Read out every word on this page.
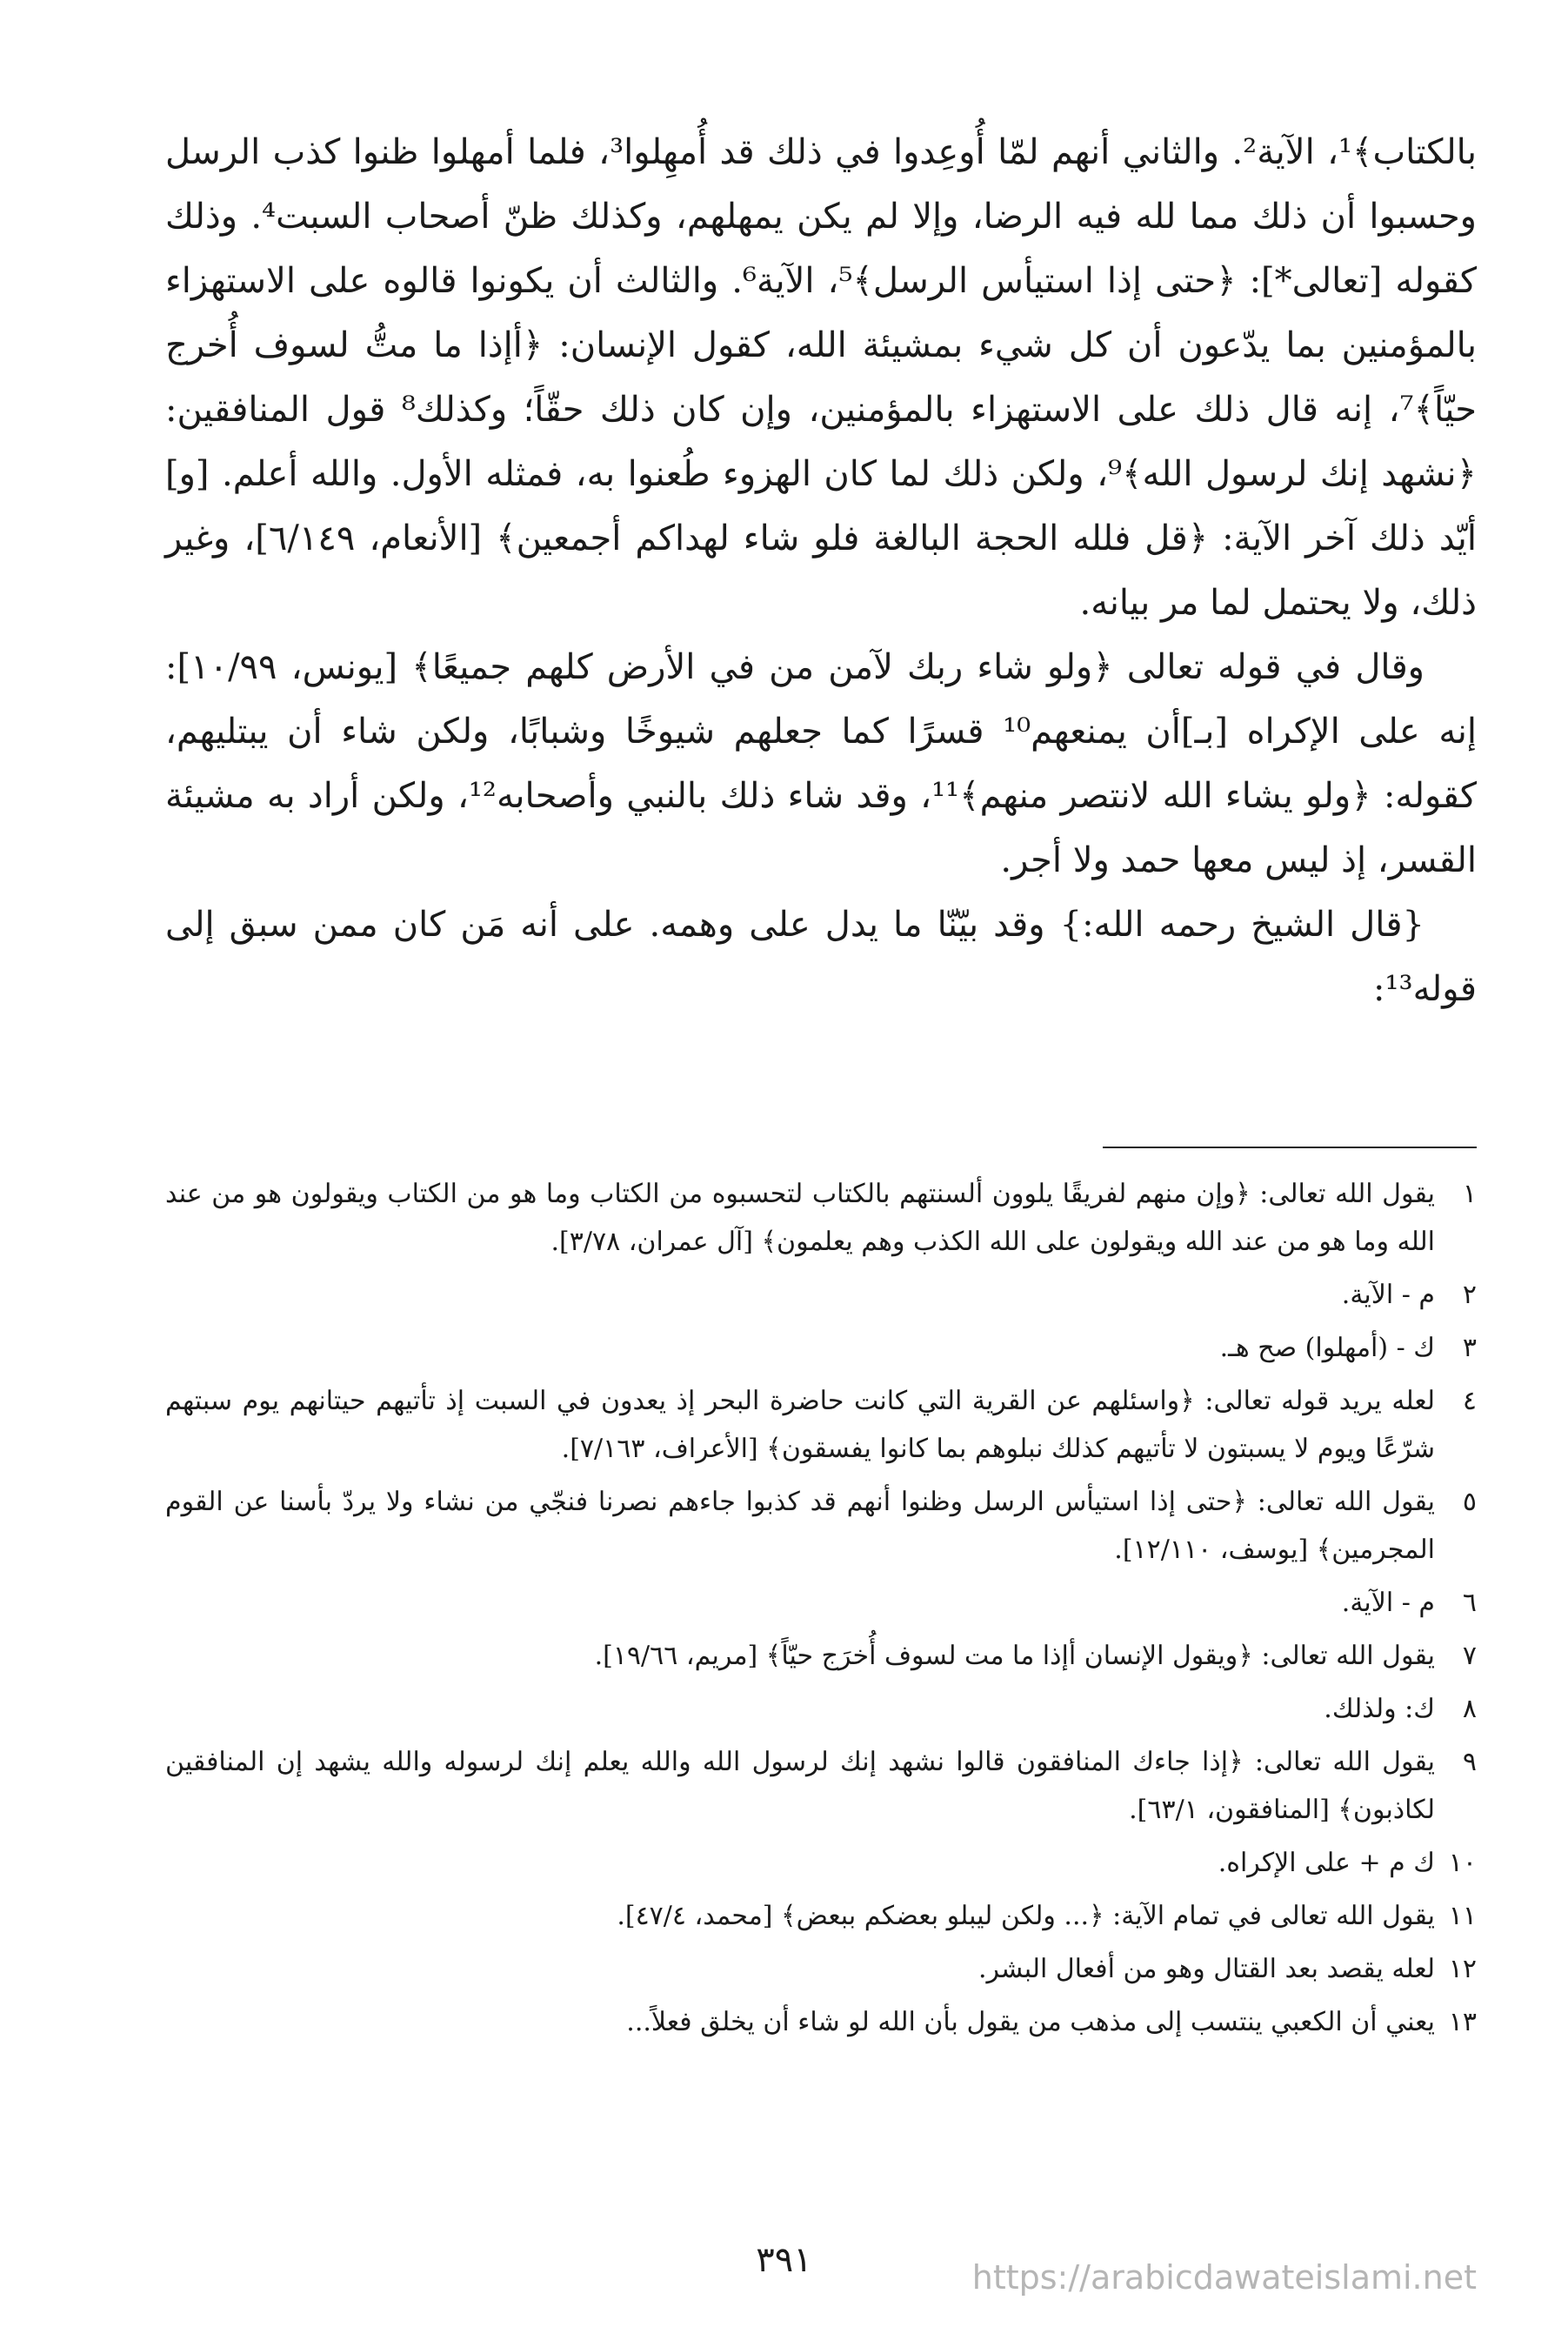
بالكتاب﴾¹، الآية². والثاني أنهم لمّا أُوعِدوا في ذلك قد أُمهِلوا³، فلما أمهلوا ظنوا كذب الرسل وحسبوا أن ذلك مما لله فيه الرضا، وإلا لم يكن يمهلهم، وكذلك ظنّ أصحاب السبت⁴. وذلك كقوله [تعالى*]: ﴿حتى إذا استيأس الرسل﴾⁵، الآية⁶. والثالث أن يكونوا قالوه على الاستهزاء بالمؤمنين بما يدّعون أن كل شيء بمشيئة الله، كقول الإنسان: ﴿أإذا ما متُّ لسوف أُخرج حيّاً﴾⁷، إنه قال ذلك على الاستهزاء بالمؤمنين، وإن كان ذلك حقّاً؛ وكذلك⁸ قول المنافقين: ﴿نشهد إنك لرسول الله﴾⁹، ولكن ذلك لما كان الهزوء طُعنوا به، فمثله الأول. والله أعلم. [و] أيّد ذلك آخر الآية: ﴿قل فلله الحجة البالغة فلو شاء لهداكم أجمعين﴾ [الأنعام، ٦/١٤٩]، وغير ذلك، ولا يحتمل لما مر بيانه.

وقال في قوله تعالى ﴿ولو شاء ربك لآمن من في الأرض كلهم جميعًا﴾ [يونس، ١٠/٩٩]: إنه على الإكراه [بـ]أن يمنعهم¹⁰ قسرًا كما جعلهم شيوخًا وشبابًا، ولكن شاء أن يبتليهم، كقوله: ﴿ولو يشاء الله لانتصر منهم﴾¹¹، وقد شاء ذلك بالنبي وأصحابه¹²، ولكن أراد به مشيئة القسر، إذ ليس معها حمد ولا أجر.

{قال الشيخ رحمه الله:} وقد بيّنّا ما يدل على وهمه. على أنه مَن كان ممن سبق إلى قوله¹³:

١
يقول الله تعالى: ﴿وإن منهم لفريقًا يلوون ألسنتهم بالكتاب لتحسبوه من الكتاب وما هو من الكتاب ويقولون هو من عند الله وما هو من عند الله ويقولون على الله الكذب وهم يعلمون﴾ [آل عمران، ٣/٧٨].
٢
م - الآية.
٣
ك - (أمهلوا) صح هـ.
٤
لعله يريد قوله تعالى: ﴿واسئلهم عن القرية التي كانت حاضرة البحر إذ يعدون في السبت إذ تأتيهم حيتانهم يوم سبتهم شرّعًا ويوم لا يسبتون لا تأتيهم كذلك نبلوهم بما كانوا يفسقون﴾ [الأعراف، ٧/١٦٣].
٥
يقول الله تعالى: ﴿حتى إذا استيأس الرسل وظنوا أنهم قد كذبوا جاءهم نصرنا فنجّي من نشاء ولا يردّ بأسنا عن القوم المجرمين﴾ [يوسف، ١٢/١١٠].
٦
م - الآية.
٧
يقول الله تعالى: ﴿ويقول الإنسان أإذا ما مت لسوف أُخرَج حيّاً﴾ [مريم، ١٩/٦٦].
٨
ك: ولذلك.
٩
يقول الله تعالى: ﴿إذا جاءك المنافقون قالوا نشهد إنك لرسول الله والله يعلم إنك لرسوله والله يشهد إن المنافقين لكاذبون﴾ [المنافقون، ٦٣/١].
١٠
ك م + على الإكراه.
١١
يقول الله تعالى في تمام الآية: ﴿... ولكن ليبلو بعضكم ببعض﴾ [محمد، ٤٧/٤].
١٢
لعله يقصد بعد القتال وهو من أفعال البشر.
١٣
يعني أن الكعبي ينتسب إلى مذهب من يقول بأن الله لو شاء أن يخلق فعلاً...
٣٩١	https://arabicdawateislami.net
